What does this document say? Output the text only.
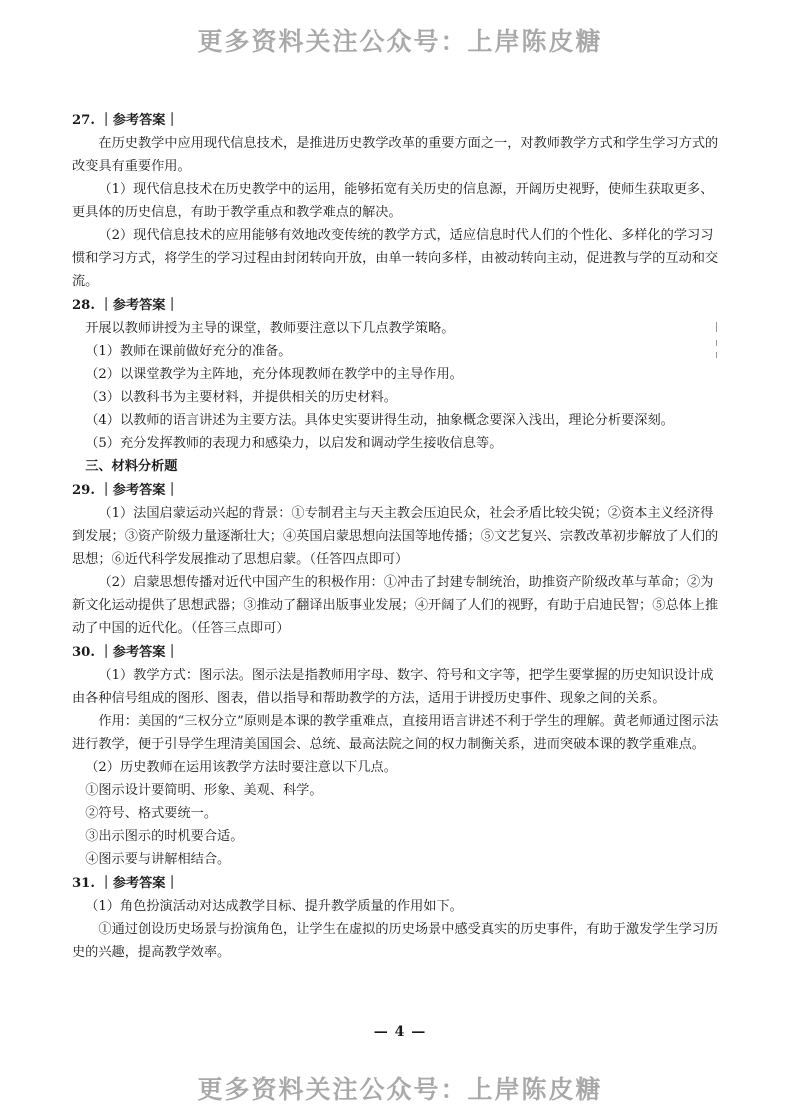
更多资料关注公众号：上岸陈皮糖
27. ｜参考答案｜

在历史教学中应用现代信息技术，是推进历史教学改革的重要方面之一，对教师教学方式和学生学习方式的改变具有重要作用。

（1）现代信息技术在历史教学中的运用，能够拓宽有关历史的信息源，开阔历史视野，使师生获取更多、更具体的历史信息，有助于教学重点和教学难点的解决。

（2）现代信息技术的应用能够有效地改变传统的教学方式，适应信息时代人们的个性化、多样化的学习习惯和学习方式，将学生的学习过程由封闭转向开放，由单一转向多样，由被动转向主动，促进教与学的互动和交流。

28. ｜参考答案｜

开展以教师讲授为主导的课堂，教师要注意以下几点教学策略。

（1）教师在课前做好充分的准备。

（2）以课堂教学为主阵地，充分体现教师在教学中的主导作用。

（3）以教科书为主要材料，并提供相关的历史材料。

（4）以教师的语言讲述为主要方法。具体史实要讲得生动，抽象概念要深入浅出，理论分析要深刻。

（5）充分发挥教师的表现力和感染力，以启发和调动学生接收信息等。

三、材料分析题
29. ｜参考答案｜

（1）法国启蒙运动兴起的背景：①专制君主与天主教会压迫民众，社会矛盾比较尖锐；②资本主义经济得到发展；③资产阶级力量逐渐壮大；④英国启蒙思想向法国等地传播；⑤文艺复兴、宗教改革初步解放了人们的思想；⑥近代科学发展推动了思想启蒙。（任答四点即可）

（2）启蒙思想传播对近代中国产生的积极作用：①冲击了封建专制统治，助推资产阶级改革与革命；②为新文化运动提供了思想武器；③推动了翻译出版事业发展；④开阔了人们的视野，有助于启迪民智；⑤总体上推动了中国的近代化。（任答三点即可）

30. ｜参考答案｜

（1）教学方式：图示法。图示法是指教师用字母、数字、符号和文字等，把学生要掌握的历史知识设计成由各种信号组成的图形、图表，借以指导和帮助教学的方法，适用于讲授历史事件、现象之间的关系。

作用：美国的“三权分立”原则是本课的教学重难点，直接用语言讲述不利于学生的理解。黄老师通过图示法进行教学，便于引导学生理清美国国会、总统、最高法院之间的权力制衡关系，进而突破本课的教学重难点。

（2）历史教师在运用该教学方法时要注意以下几点。

①图示设计要简明、形象、美观、科学。

②符号、格式要统一。

③出示图示的时机要合适。

④图示要与讲解相结合。

31. ｜参考答案｜

（1）角色扮演活动对达成教学目标、提升教学质量的作用如下。

①通过创设历史场景与扮演角色，让学生在虚拟的历史场景中感受真实的历史事件，有助于激发学生学习历史的兴趣，提高教学效率。

— 4 —
更多资料关注公众号：上岸陈皮糖
